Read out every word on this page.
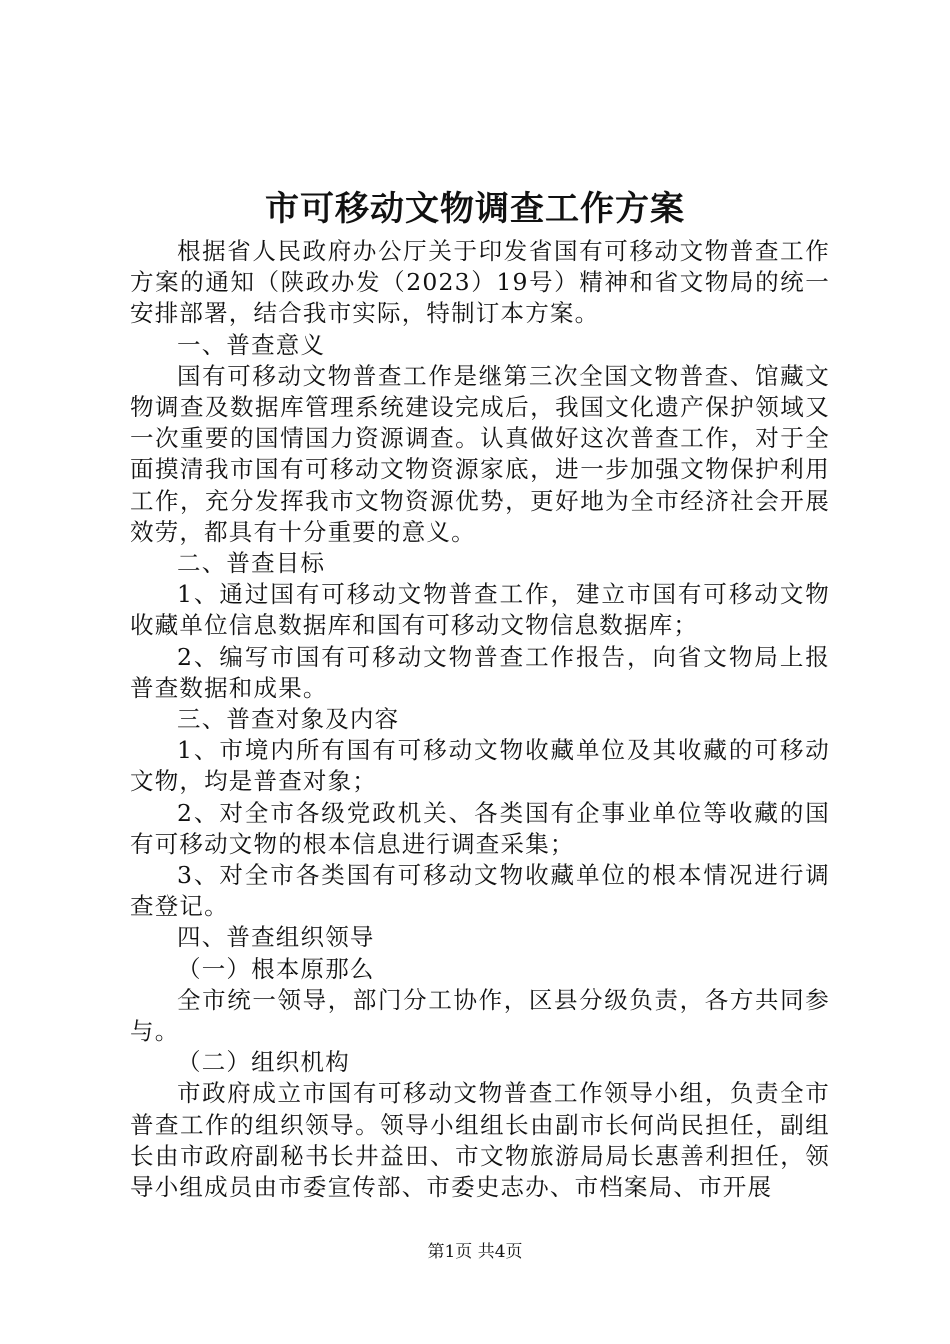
市可移动文物调查工作方案

根据省人民政府办公厅关于印发省国有可移动文物普查工作方案的通知（陕政办发（2023）19号）精神和省文物局的统一安排部署，结合我市实际，特制订本方案。

一、普查意义

国有可移动文物普查工作是继第三次全国文物普查、馆藏文物调查及数据库管理系统建设完成后，我国文化遗产保护领域又一次重要的国情国力资源调查。认真做好这次普查工作，对于全面摸清我市国有可移动文物资源家底，进一步加强文物保护利用工作，充分发挥我市文物资源优势，更好地为全市经济社会开展效劳，都具有十分重要的意义。

二、普查目标

1、通过国有可移动文物普查工作，建立市国有可移动文物收藏单位信息数据库和国有可移动文物信息数据库；

2、编写市国有可移动文物普查工作报告，向省文物局上报普查数据和成果。

三、普查对象及内容

1、市境内所有国有可移动文物收藏单位及其收藏的可移动文物，均是普查对象；

2、对全市各级党政机关、各类国有企事业单位等收藏的国有可移动文物的根本信息进行调查采集；

3、对全市各类国有可移动文物收藏单位的根本情况进行调查登记。

四、普查组织领导

（一）根本原那么

全市统一领导，部门分工协作，区县分级负责，各方共同参与。

（二）组织机构

市政府成立市国有可移动文物普查工作领导小组，负责全市普查工作的组织领导。领导小组组长由副市长何尚民担任，副组长由市政府副秘书长井益田、市文物旅游局局长惠善利担任，领导小组成员由市委宣传部、市委史志办、市档案局、市开展

第1页 共4页
